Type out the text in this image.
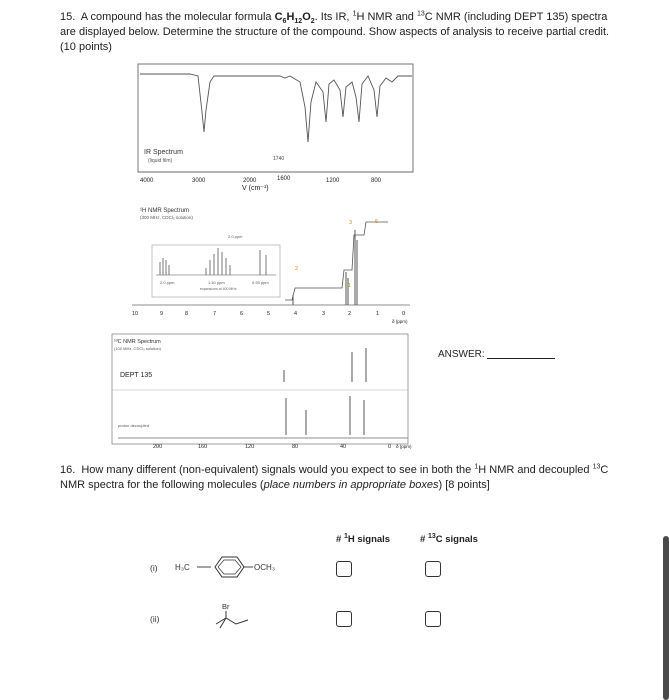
15. A compound has the molecular formula $C_6H_{12}O_2$. Its IR, $^1$H NMR and $^{13}$C NMR (including DEPT 135) spectra are displayed below. Determine the structure of the compound. Show aspects of analysis to receive partial credit. (10 points)
IR Spectrum
(liquid film)	1740
4000	3000	2000	1600	1200	800
V (cm⁻¹)
¹H NMR Spectrum
(300 MHz, CDCl₃ solution)
2.0 ppm
2.0 ppm	1.40 ppm
expansions at 400 MHz
0.93 ppm
2
3	6
1
10	9	8	7	6	5	4	3	2	1	0
δ (ppm)
¹³C NMR Spectrum
(100 MHz, CDCl₃ solution)
DEPT 135
proton decoupled
200	160	120	80	40	0 δ (ppm)
ANSWER:
16. How many different (non-equivalent) signals would you expect to see in both the $^1$H NMR and decoupled $^{13}$C NMR spectra for the following molecules (place numbers in appropriate boxes) [8 points]
# $^1$H signals	# $^{13}$C signals
(i) H₃C	OCH₃
(ii)
Br
